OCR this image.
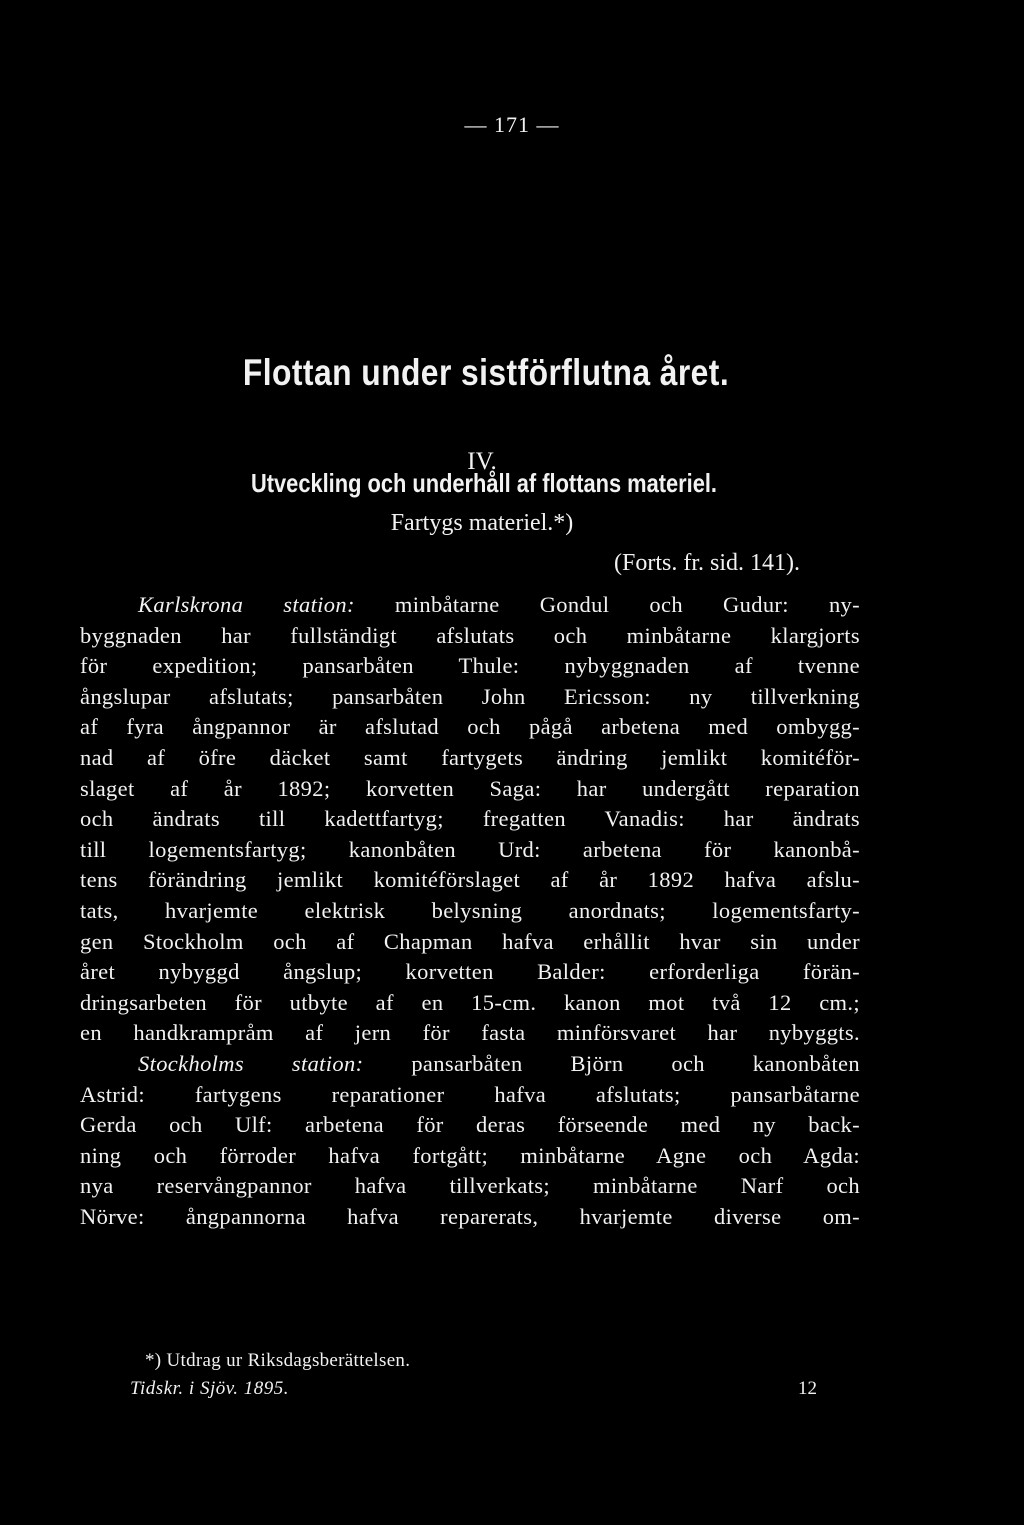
— 171 —
Flottan under sistförflutna året.
IV.
Utveckling och underhåll af flottans materiel.
Fartygs materiel.*)
(Forts. fr. sid. 141).
Karlskrona station: minbåtarne Gondul och Gudur: ny-
byggnaden har fullständigt afslutats och minbåtarne klargjorts
för expedition; pansarbåten Thule: nybyggnaden af tvenne
ångslupar afslutats; pansarbåten John Ericsson: ny tillverkning
af fyra ångpannor är afslutad och pågå arbetena med ombygg-
nad af öfre däcket samt fartygets ändring jemlikt komitéför-
slaget af år 1892; korvetten Saga: har undergått reparation
och ändrats till kadettfartyg; fregatten Vanadis: har ändrats
till logementsfartyg; kanonbåten Urd: arbetena för kanonbå-
tens förändring jemlikt komitéförslaget af år 1892 hafva afslu-
tats, hvarjemte elektrisk belysning anordnats; logementsfarty-
gen Stockholm och af Chapman hafva erhållit hvar sin under
året nybyggd ångslup; korvetten Balder: erforderliga förän-
dringsarbeten för utbyte af en 15-cm. kanon mot två 12 cm.;
en handkrampråm af jern för fasta minförsvaret har nybyggts.
Stockholms station: pansarbåten Björn och kanonbåten
Astrid: fartygens reparationer hafva afslutats; pansarbåtarne
Gerda och Ulf: arbetena för deras förseende med ny back-
ning och förroder hafva fortgått; minbåtarne Agne och Agda:
nya reservångpannor hafva tillverkats; minbåtarne Narf och
Nörve: ångpannorna hafva reparerats, hvarjemte diverse om-
*) Utdrag ur Riksdagsberättelsen.
Tidskr. i Sjöv. 1895.	12
